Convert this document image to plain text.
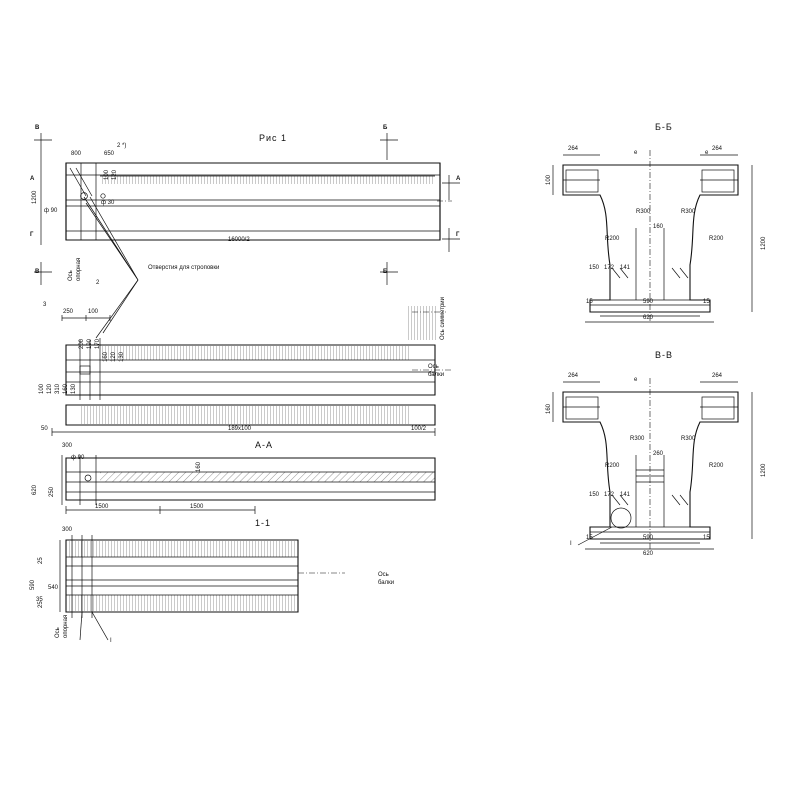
Рис 1
А-А
1-1
Б-Б
В-В
В	Б
А	А
Г	Г
В	Б
800	650
2 *)
1200
100 120
ф 90
ф 30
16000/2
Отверстия для строповки
Ось опорная
2
3
250 100
120 130
160
170
190
200
130
160
310
120
100
Ось симметрии
Ось
балки
189x100
50	100/2
620 250
ф 90
160
1500	1500
300
300
25
590
25
540
35
Ось
балки
Ось опорная
I
264	264
е	е
100
1200
R300	R300
R200	R200
160
150 172 141
15	590	15
620
264	264
е
160
1200
R300	R300
R200	R200
260
150 172 141
15	590	15
620
I
